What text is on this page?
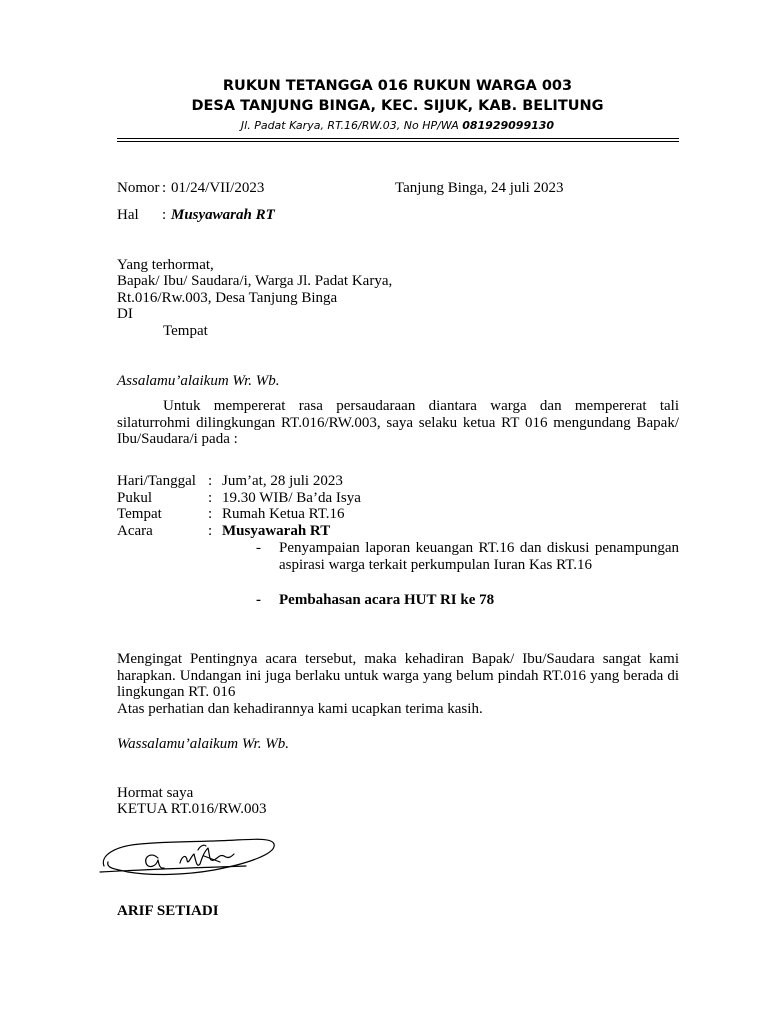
RUKUN TETANGGA 016 RUKUN WARGA 003
DESA TANJUNG BINGA, KEC. SIJUK, KAB. BELITUNG
Jl. Padat Karya, RT.16/RW.03, No HP/WA 081929099130
Nomor : 01/24/VII/2023	Tanjung Binga, 24 juli 2023
Hal : Musyawarah RT
Yang terhormat,
Bapak/ Ibu/ Saudara/i, Warga Jl. Padat Karya,
Rt.016/Rw.003, Desa Tanjung Binga
DI
Tempat
Assalamu’alaikum Wr. Wb.
Untuk mempererat rasa persaudaraan diantara warga dan mempererat tali silaturrohmi dilingkungan RT.016/RW.003, saya selaku ketua RT 016 mengundang Bapak/ Ibu/Saudara/i pada :
Hari/Tanggal : Jum’at, 28 juli 2023
Pukul	: 19.30 WIB/ Ba’da Isya
Tempat	: Rumah Ketua RT.16
Acara	: Musyawarah RT
- Penyampaian laporan keuangan RT.16 dan diskusi penampungan aspirasi warga terkait perkumpulan Iuran Kas RT.16
- Pembahasan acara HUT RI ke 78
Mengingat Pentingnya acara tersebut, maka kehadiran Bapak/ Ibu/Saudara sangat kami harapkan. Undangan ini juga berlaku untuk warga yang belum pindah RT.016 yang berada di lingkungan RT. 016
Atas perhatian dan kehadirannya kami ucapkan terima kasih.
Wassalamu’alaikum Wr. Wb.
Hormat saya
KETUA RT.016/RW.003
ARIF SETIADI
